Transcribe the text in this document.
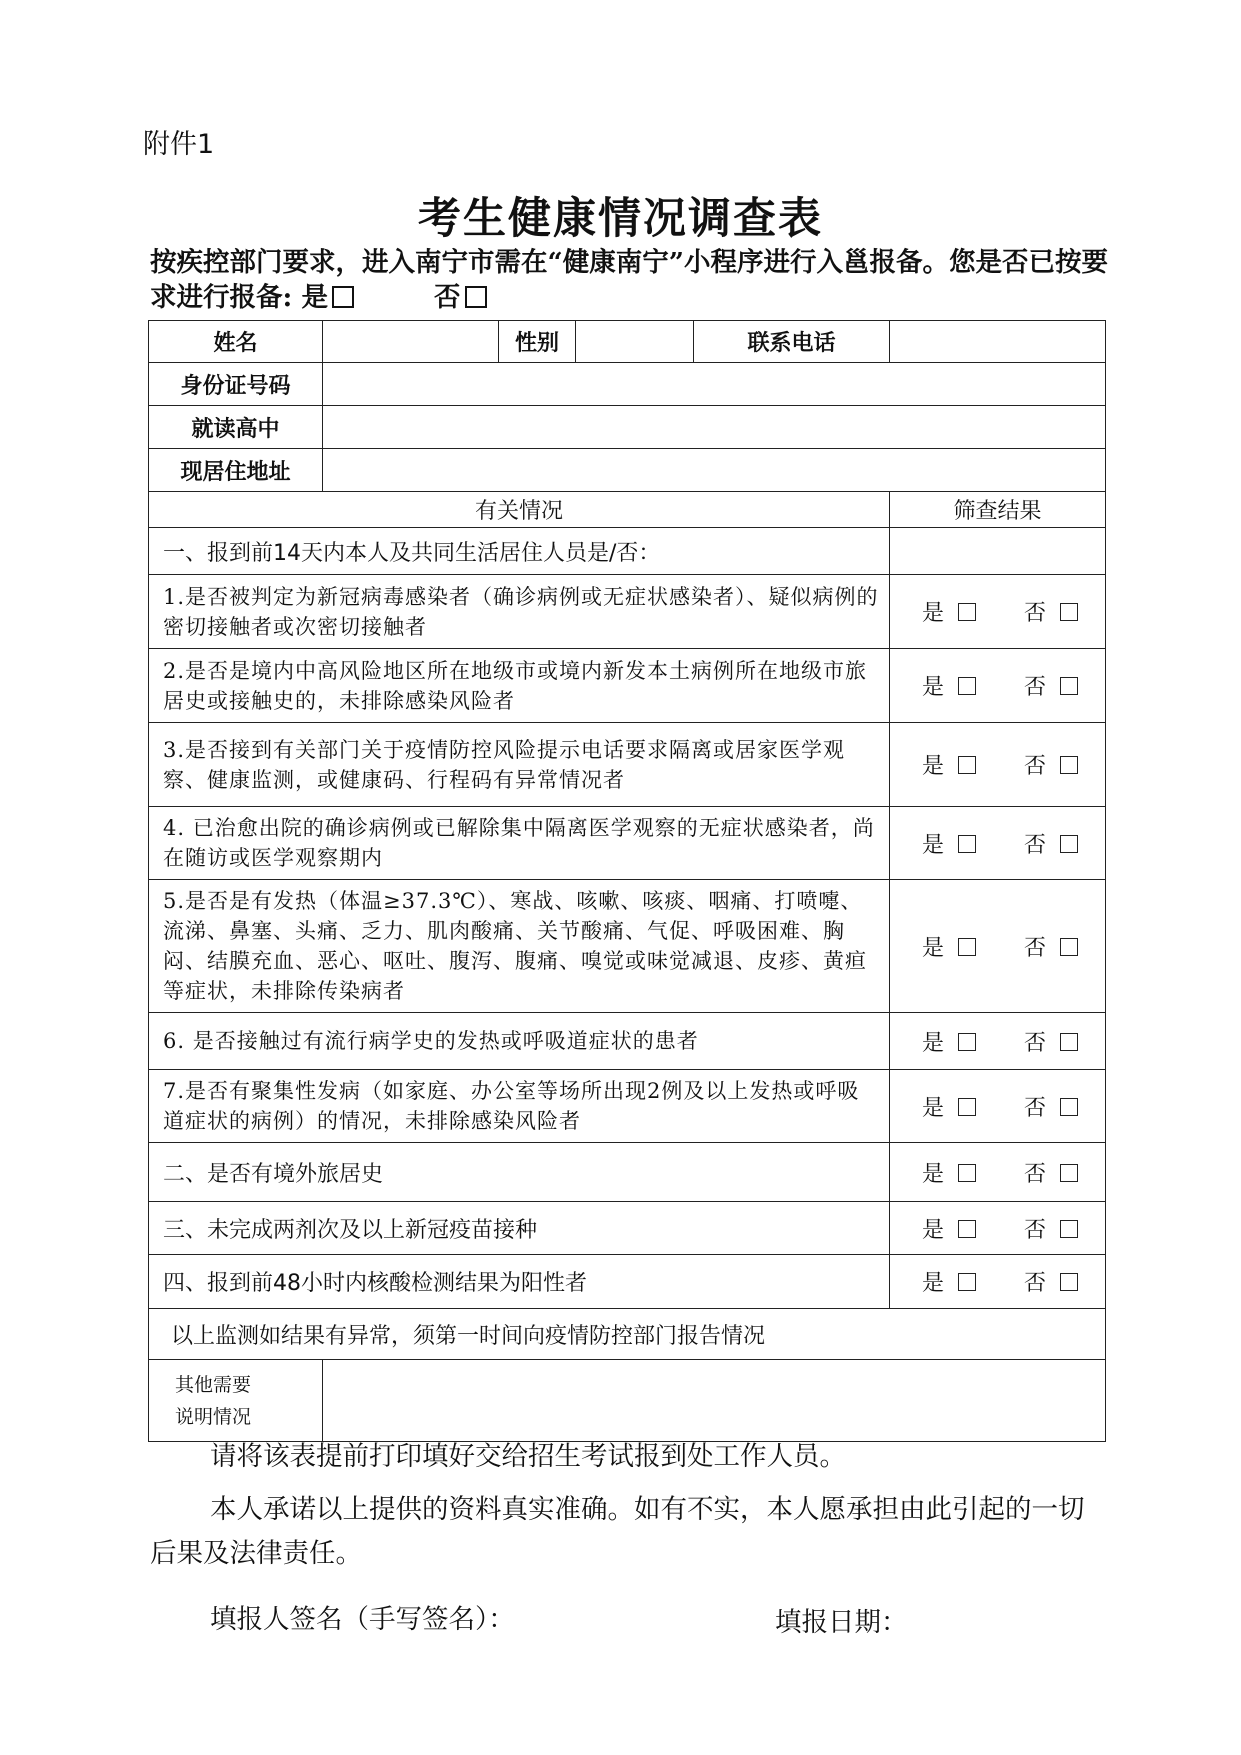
附件1
考生健康情况调查表
按疾控部门要求，进入南宁市需在“健康南宁”小程序进行入邕报备。您是否已按要求进行报备: 是	否
姓名		性别		联系电话	
身份证号码					
就读高中					
现居住地址					
有关情况					筛查结果
一、报到前14天内本人及共同生活居住人员是/否：					
1.是否被判定为新冠病毒感染者（确诊病例或无症状感染者）、疑似病例的密切接触者或次密切接触者					是 否
2.是否是境内中高风险地区所在地级市或境内新发本土病例所在地级市旅居史或接触史的，未排除感染风险者					是 否
3.是否接到有关部门关于疫情防控风险提示电话要求隔离或居家医学观察、健康监测，或健康码、行程码有异常情况者					是 否
4. 已治愈出院的确诊病例或已解除集中隔离医学观察的无症状感染者，尚在随访或医学观察期内					是 否
5.是否是有发热（体温≥37.3℃）、寒战、咳嗽、咳痰、咽痛、打喷嚏、流涕、鼻塞、头痛、乏力、肌肉酸痛、关节酸痛、气促、呼吸困难、胸闷、结膜充血、恶心、呕吐、腹泻、腹痛、嗅觉或味觉减退、皮疹、黄疸等症状，未排除传染病者					是 否
6. 是否接触过有流行病学史的发热或呼吸道症状的患者					是 否
7.是否有聚集性发病（如家庭、办公室等场所出现2例及以上发热或呼吸道症状的病例）的情况，未排除感染风险者					是 否
二、是否有境外旅居史					是 否
三、未完成两剂次及以上新冠疫苗接种					是 否
四、报到前48小时内核酸检测结果为阳性者					是 否
以上监测如结果有异常，须第一时间向疫情防控部门报告情况					
其他需要
说明情况					
请将该表提前打印填好交给招生考试报到处工作人员。
本人承诺以上提供的资料真实准确。如有不实，本人愿承担由此引起的一切后果及法律责任。
填报人签名（手写签名）：	填报日期：
